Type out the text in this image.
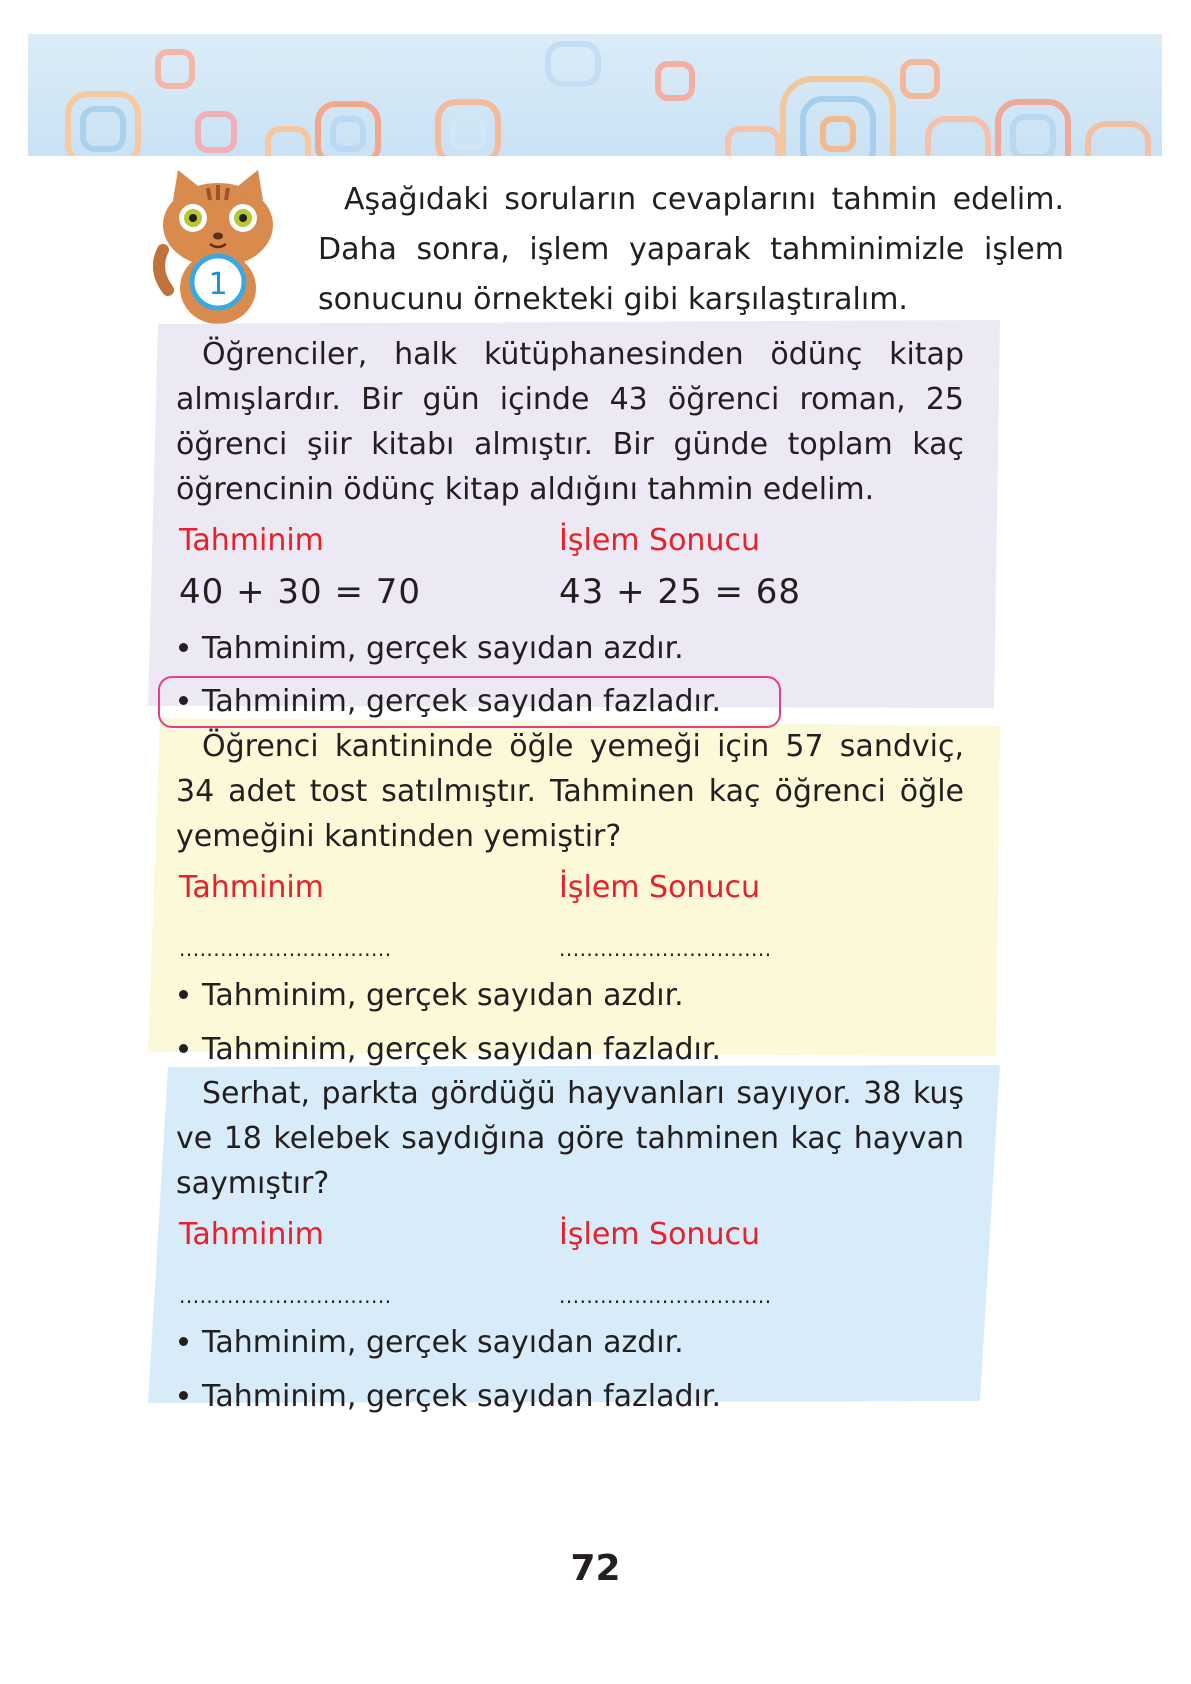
1

Aşağıdaki soruların cevaplarını tahmin edelim. Daha sonra, işlem yaparak tahminimizle işlem sonucunu örnekteki gibi karşılaştıralım.

Öğrenciler, halk kütüphanesinden ödünç kitap almışlardır. Bir gün içinde 43 öğrenci roman, 25 öğrenci şiir kitabı almıştır. Bir günde toplam kaç öğrencinin ödünç kitap aldığını tahmin edelim.

Tahminim	İşlem Sonucu
40 + 30 = 70	43 + 25 = 68
Tahminim, gerçek sayıdan azdır.
Tahminim, gerçek sayıdan fazladır.

Öğrenci kantininde öğle yemeği için 57 sandviç, 34 adet tost satılmıştır. Tahminen kaç öğrenci öğle yemeğini kantinden yemiştir?

Tahminim	İşlem Sonucu
...............................	...............................
Tahminim, gerçek sayıdan azdır.
Tahminim, gerçek sayıdan fazladır.

Serhat, parkta gördüğü hayvanları sayıyor. 38 kuş ve 18 kelebek saydığına göre tahminen kaç hayvan saymıştır?

Tahminim	İşlem Sonucu
...............................	...............................
Tahminim, gerçek sayıdan azdır.
Tahminim, gerçek sayıdan fazladır.
72
